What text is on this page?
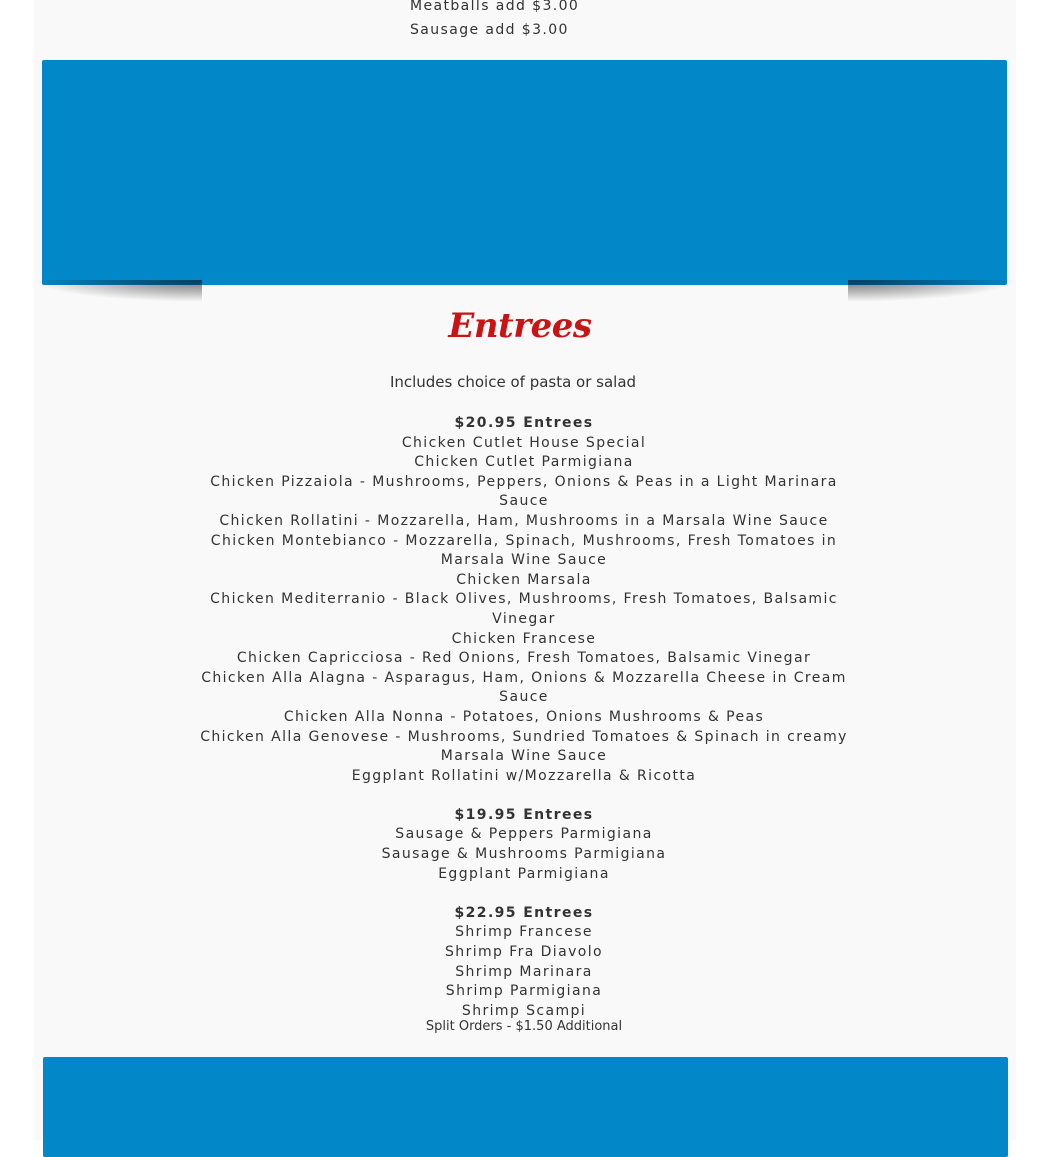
Meatballs add $3.00
Sausage add $3.00
Entrees
Includes choice of pasta or salad
$20.95 Entrees
Chicken Cutlet House Special
Chicken Cutlet Parmigiana
Chicken Pizzaiola - Mushrooms, Peppers, Onions & Peas in a Light Marinara Sauce
Chicken Rollatini - Mozzarella, Ham, Mushrooms in a Marsala Wine Sauce
Chicken Montebianco - Mozzarella, Spinach, Mushrooms, Fresh Tomatoes in Marsala Wine Sauce
Chicken Marsala
Chicken Mediterranio - Black Olives, Mushrooms, Fresh Tomatoes, Balsamic Vinegar
Chicken Francese
Chicken Capricciosa - Red Onions, Fresh Tomatoes, Balsamic Vinegar
Chicken Alla Alagna - Asparagus, Ham, Onions & Mozzarella Cheese in Cream Sauce
Chicken Alla Nonna - Potatoes, Onions Mushrooms & Peas
Chicken Alla Genovese - Mushrooms, Sundried Tomatoes & Spinach in creamy Marsala Wine Sauce
Eggplant Rollatini w/Mozzarella & Ricotta
$19.95 Entrees
Sausage & Peppers Parmigiana
Sausage & Mushrooms Parmigiana
Eggplant Parmigiana
$22.95 Entrees
Shrimp Francese
Shrimp Fra Diavolo
Shrimp Marinara
Shrimp Parmigiana
Shrimp Scampi
Split Orders - $1.50 Additional
